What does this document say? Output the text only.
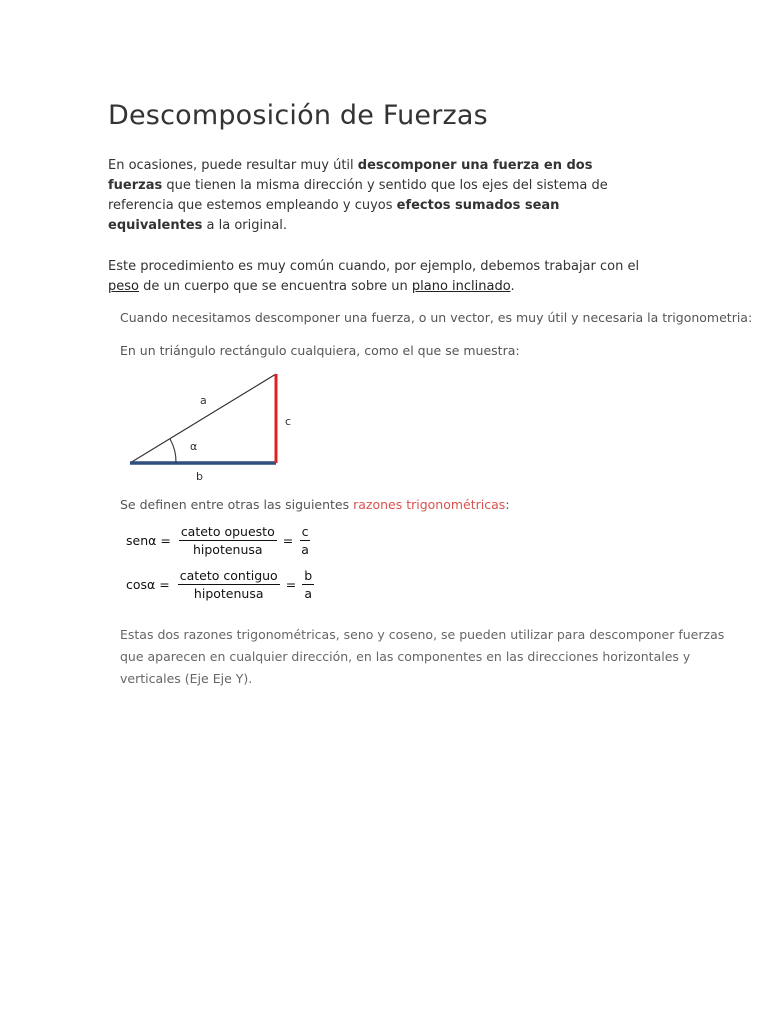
Descomposición de Fuerzas

En ocasiones, puede resultar muy útil descomponer una fuerza en dos fuerzas que tienen la misma dirección y sentido que los ejes del sistema de referencia que estemos empleando y cuyos efectos sumados sean equivalentes a la original.

Este procedimiento es muy común cuando, por ejemplo, debemos trabajar con el peso de un cuerpo que se encuentra sobre un plano inclinado.

Cuando necesitamos descomponer una fuerza, o un vector, es muy útil y necesaria la trigonometria:

En un triángulo rectángulo cualquiera, como el que se muestra:

a
α
c
b

Se definen entre otras las siguientes razones trigonométricas:

$sen\alpha = \frac{\text{cateto opuesto}}{\text{hipotenusa}} = \frac{c}{a}$
$\cos\alpha = \frac{\text{cateto contiguo}}{\text{hipotenusa}} = \frac{b}{a}$

Estas dos razones trigonométricas, seno y coseno, se pueden utilizar para descomponer fuerzas que aparecen en cualquier dirección, en las componentes en las direcciones horizontales y verticales (Eje Eje Y).
